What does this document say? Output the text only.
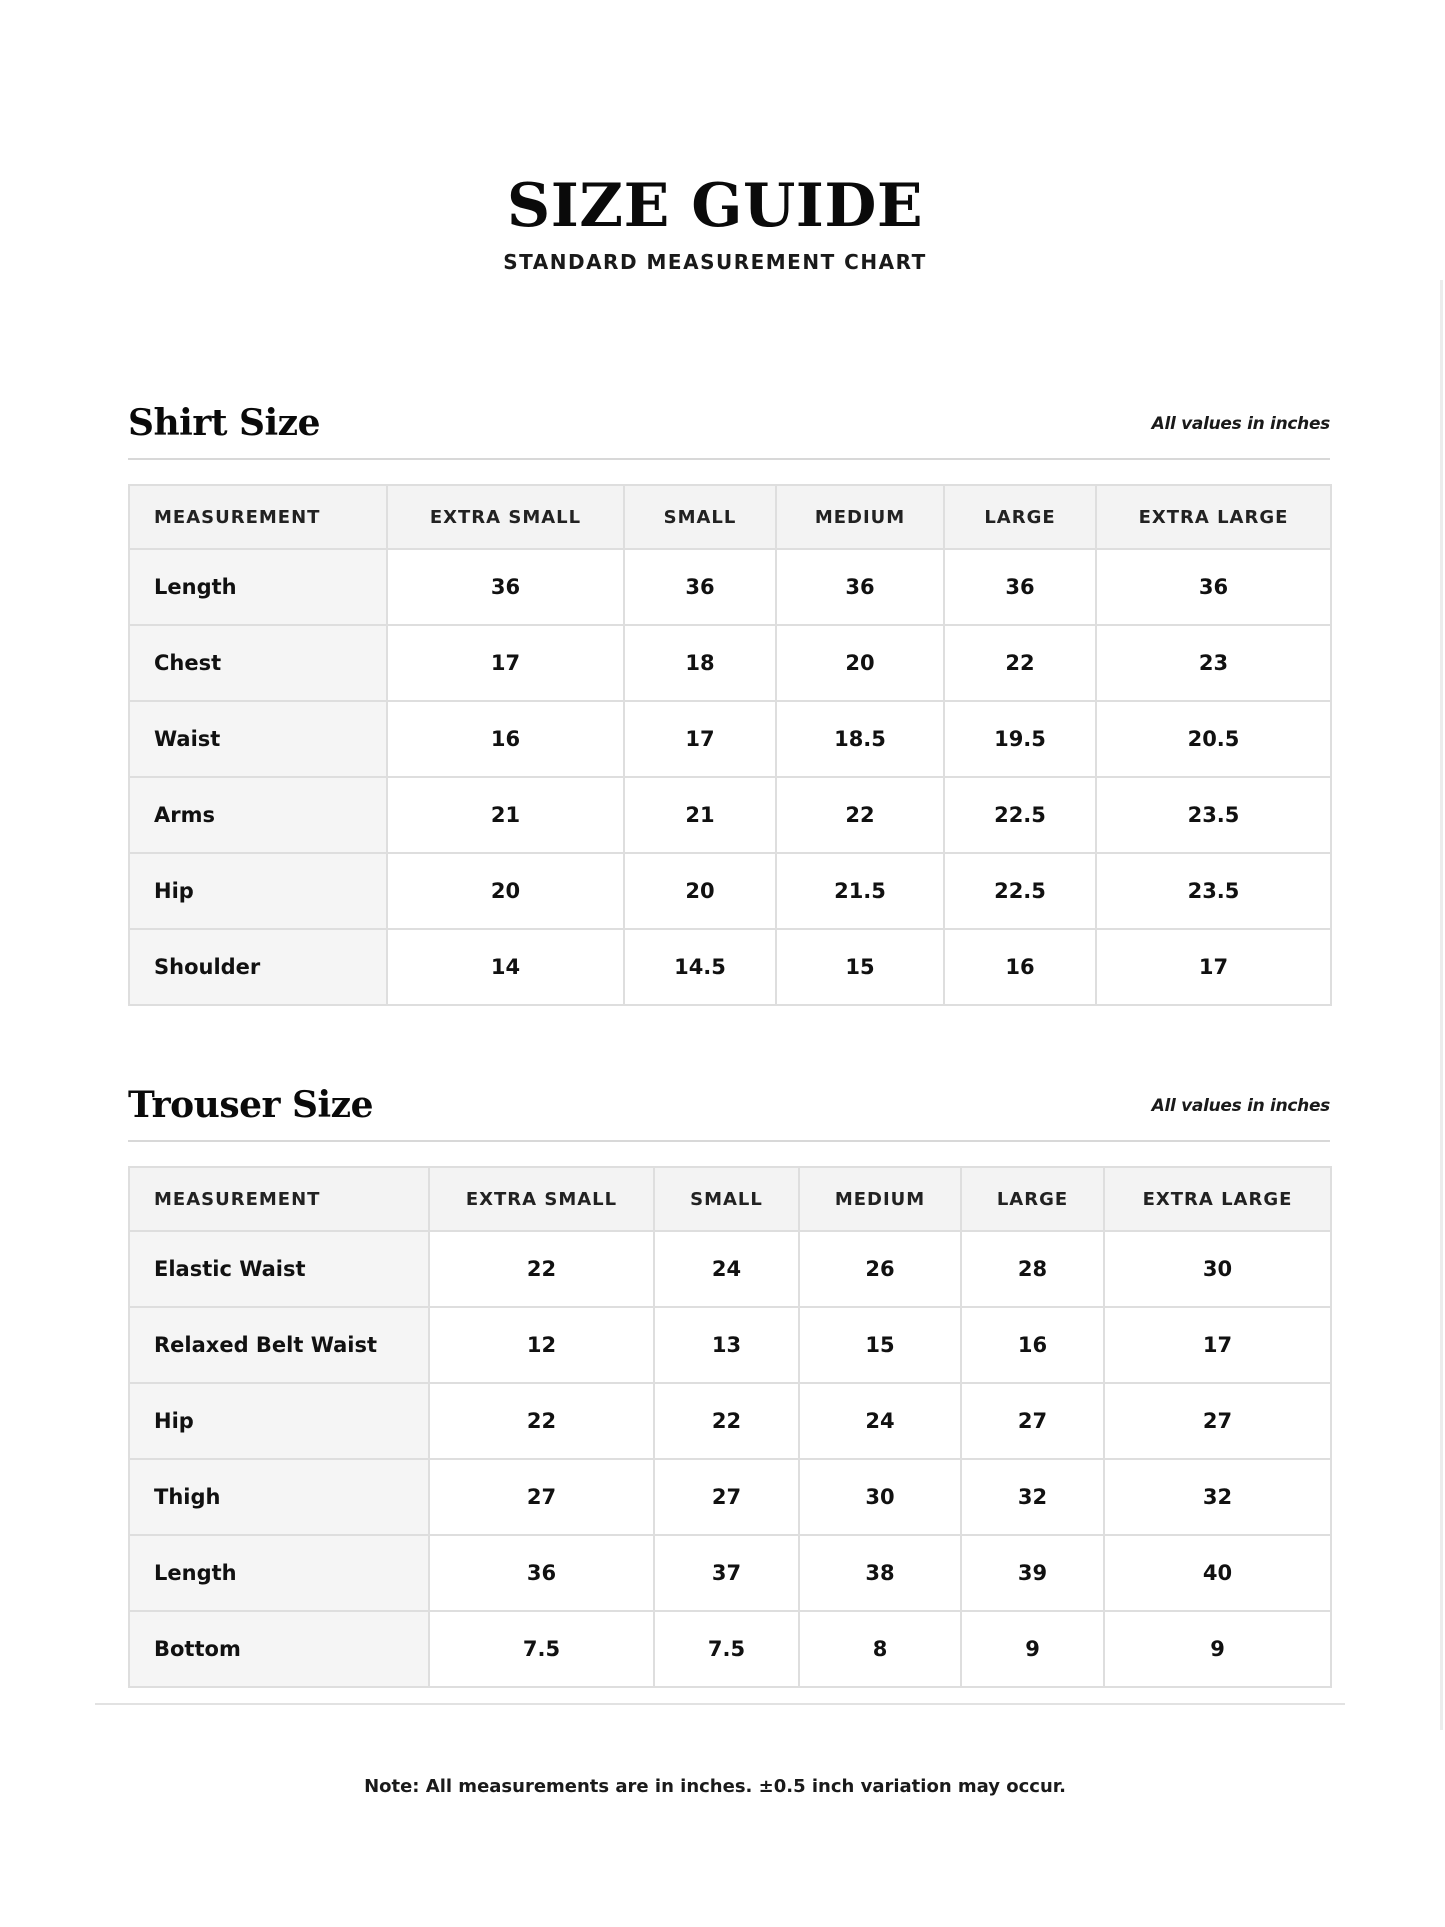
SIZE GUIDE
STANDARD MEASUREMENT CHART
Shirt Size	All values in inches
MEASUREMENT	EXTRA SMALL	SMALL	MEDIUM	LARGE	EXTRA LARGE
Length	36	36	36	36	36
Chest	17	18	20	22	23
Waist	16	17	18.5	19.5	20.5
Arms	21	21	22	22.5	23.5
Hip	20	20	21.5	22.5	23.5
Shoulder	14	14.5	15	16	17
Trouser Size	All values in inches
MEASUREMENT	EXTRA SMALL	SMALL	MEDIUM	LARGE	EXTRA LARGE
Elastic Waist	22	24	26	28	30
Relaxed Belt Waist	12	13	15	16	17
Hip	22	22	24	27	27
Thigh	27	27	30	32	32
Length	36	37	38	39	40
Bottom	7.5	7.5	8	9	9
Note: All measurements are in inches. ±0.5 inch variation may occur.
